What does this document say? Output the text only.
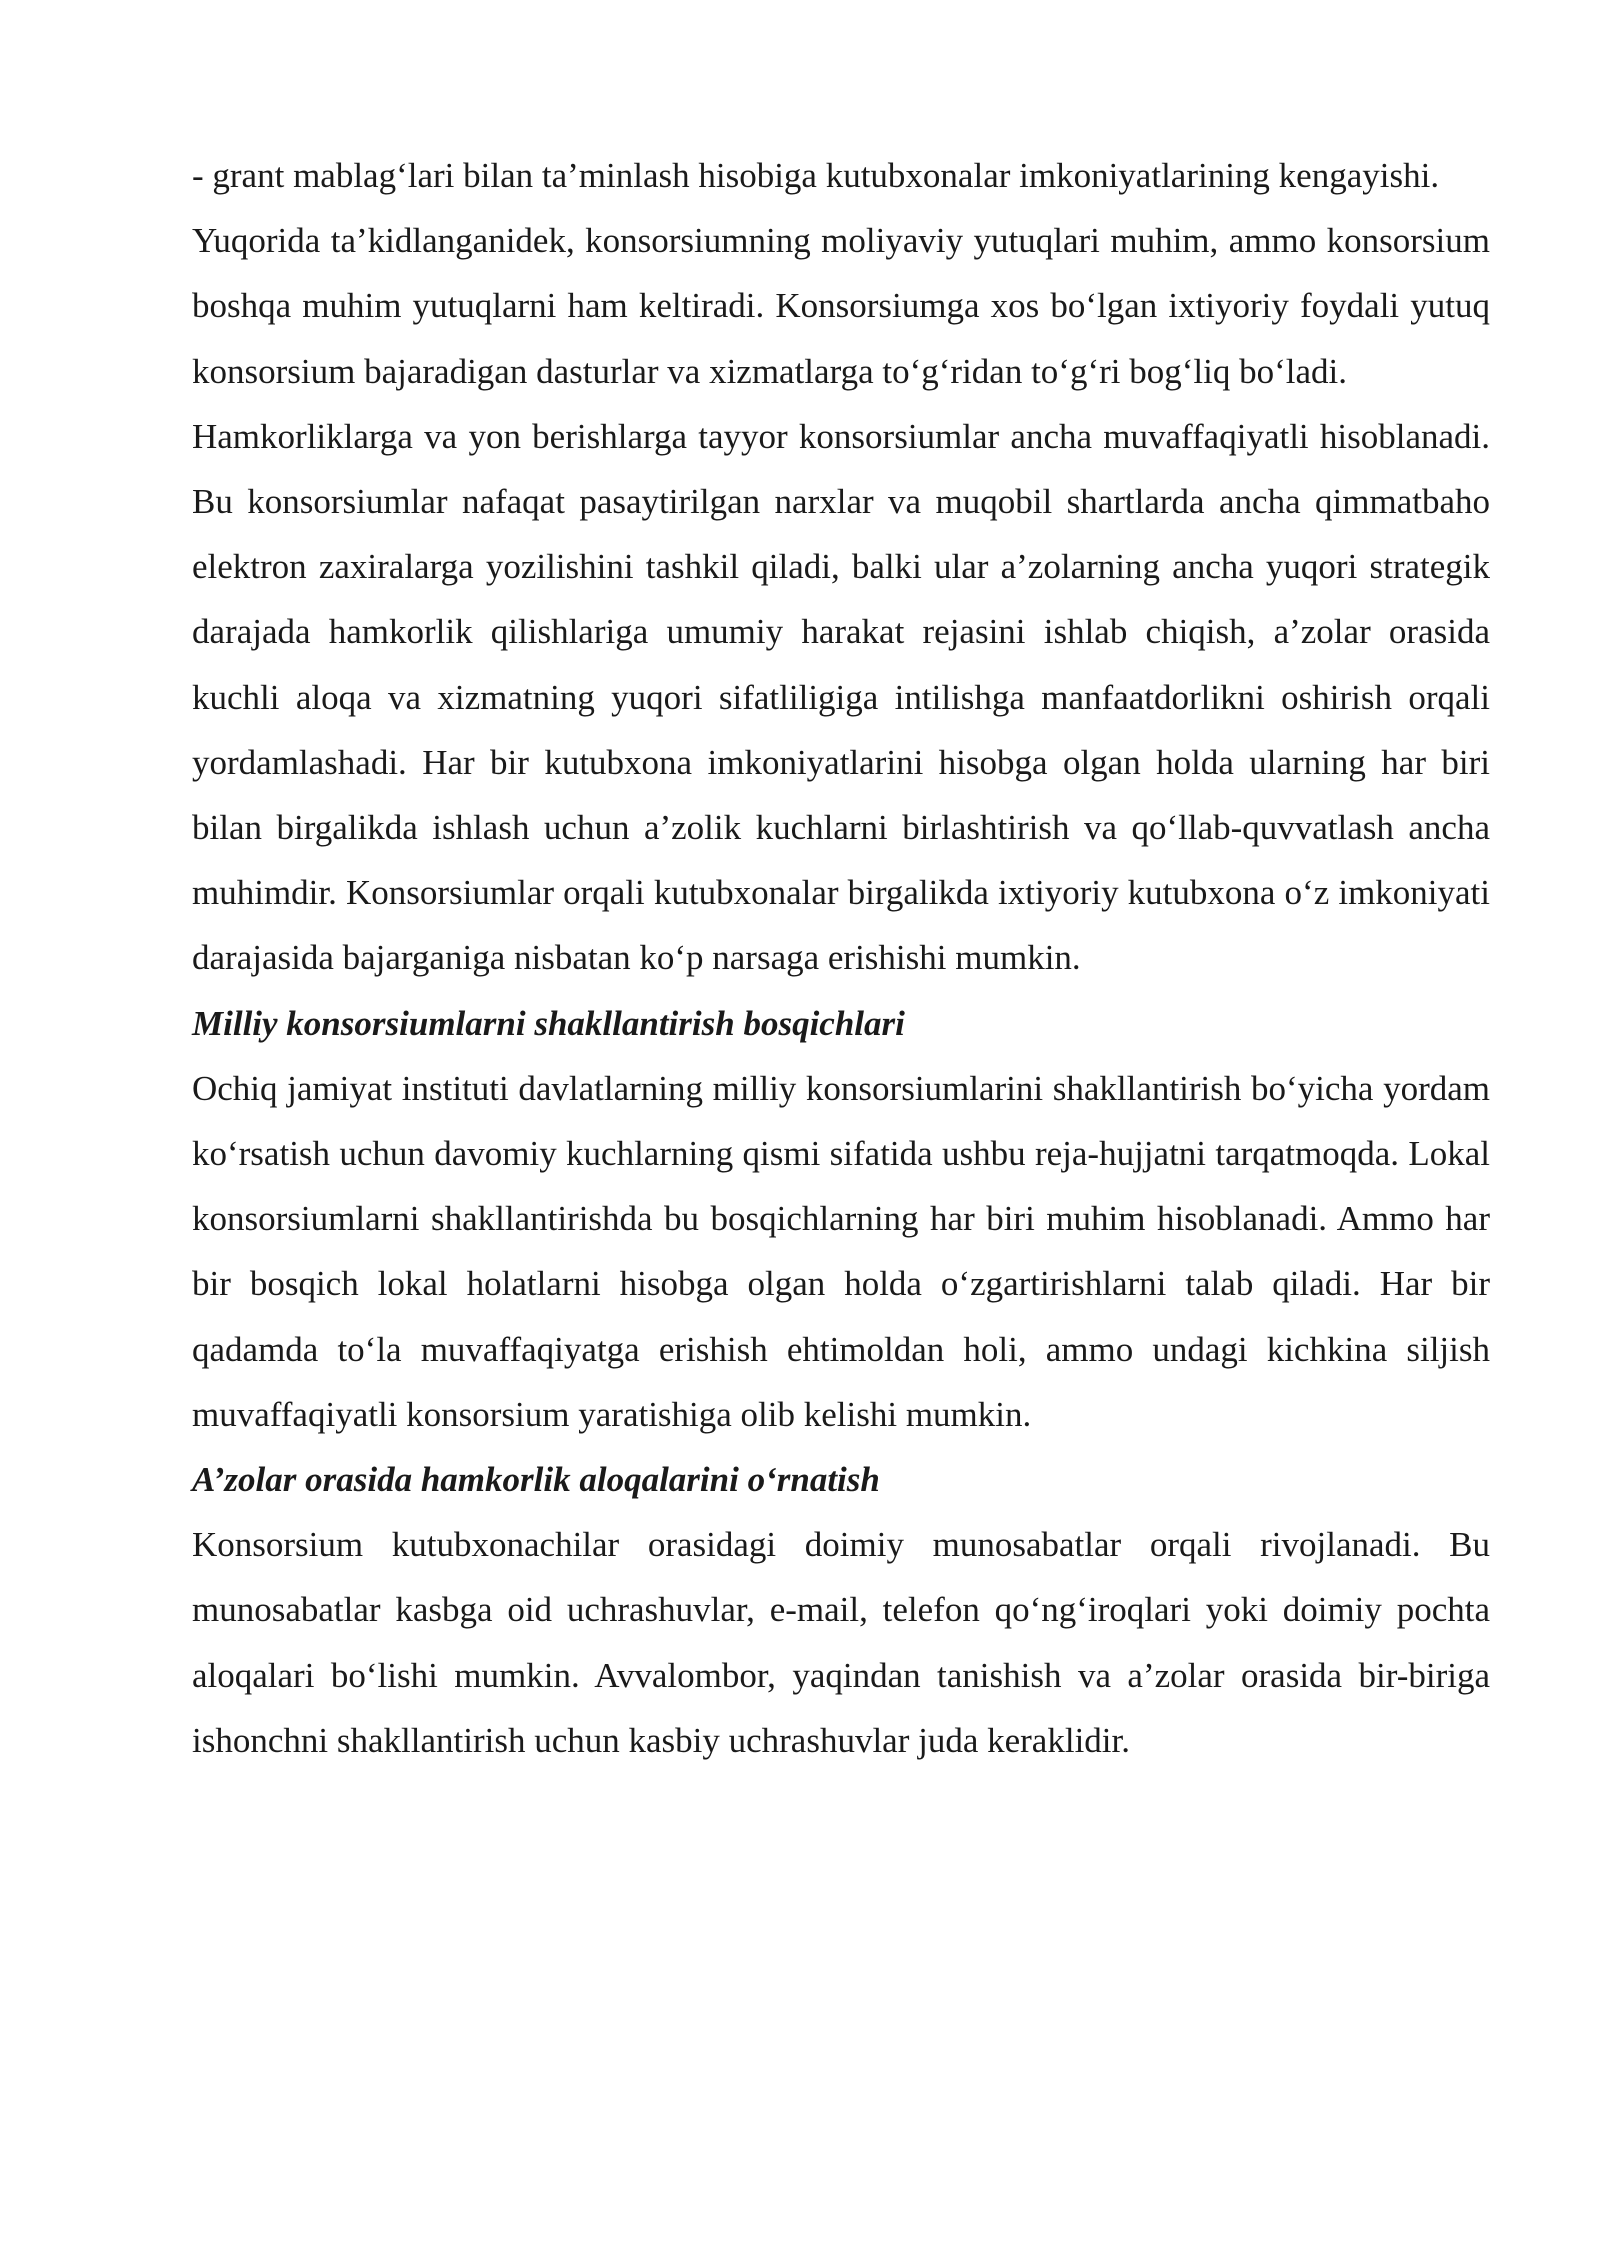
- grant mablag‘lari bilan ta’minlash hisobiga kutubxonalar imkoniyatlarining kengayishi.

Yuqorida ta’kidlanganidek, konsorsiumning moliyaviy yutuqlari muhim, ammo konsorsium boshqa muhim yutuqlarni ham keltiradi. Konsorsiumga xos bo‘lgan ixtiyoriy foydali yutuq konsorsium bajaradigan dasturlar va xizmatlarga to‘g‘ridan to‘g‘ri bog‘liq bo‘ladi.

Hamkorliklarga va yon berishlarga tayyor konsorsiumlar ancha muvaffaqiyatli hisoblanadi. Bu konsorsiumlar nafaqat pasaytirilgan narxlar va muqobil shartlarda ancha qimmatbaho elektron zaxiralarga yozilishini tashkil qiladi, balki ular a’zolarning ancha yuqori strategik darajada hamkorlik qilishlariga umumiy harakat rejasini ishlab chiqish, a’zolar orasida kuchli aloqa va xizmatning yuqori sifatliligiga intilishga manfaatdorlikni oshirish orqali yordamlashadi. Har bir kutubxona imkoniyatlarini hisobga olgan holda ularning har biri bilan birgalikda ishlash uchun a’zolik kuchlarni birlashtirish va qo‘llab-quvvatlash ancha muhimdir. Konsorsiumlar orqali kutubxonalar birgalikda ixtiyoriy kutubxona o‘z imkoniyati darajasida bajarganiga nisbatan ko‘p narsaga erishishi mumkin.

Milliy konsorsiumlarni shakllantirish bosqichlari

Ochiq jamiyat instituti davlatlarning milliy konsorsiumlarini shakllantirish bo‘yicha yordam ko‘rsatish uchun davomiy kuchlarning qismi sifatida ushbu reja-hujjatni tarqatmoqda. Lokal konsorsiumlarni shakllantirishda bu bosqichlarning har biri muhim hisoblanadi. Ammo har bir bosqich lokal holatlarni hisobga olgan holda o‘zgartirishlarni talab qiladi. Har bir qadamda to‘la muvaffaqiyatga erishish ehtimoldan holi, ammo undagi kichkina siljish muvaffaqiyatli konsorsium yaratishiga olib kelishi mumkin.

A’zolar orasida hamkorlik aloqalarini o‘rnatish

Konsorsium kutubxonachilar orasidagi doimiy munosabatlar orqali rivojlanadi. Bu munosabatlar kasbga oid uchrashuvlar, e-mail, telefon qo‘ng‘iroqlari yoki doimiy pochta aloqalari bo‘lishi mumkin. Avvalombor, yaqindan tanishish va a’zolar orasida bir-biriga ishonchni shakllantirish uchun kasbiy uchrashuvlar juda keraklidir.
